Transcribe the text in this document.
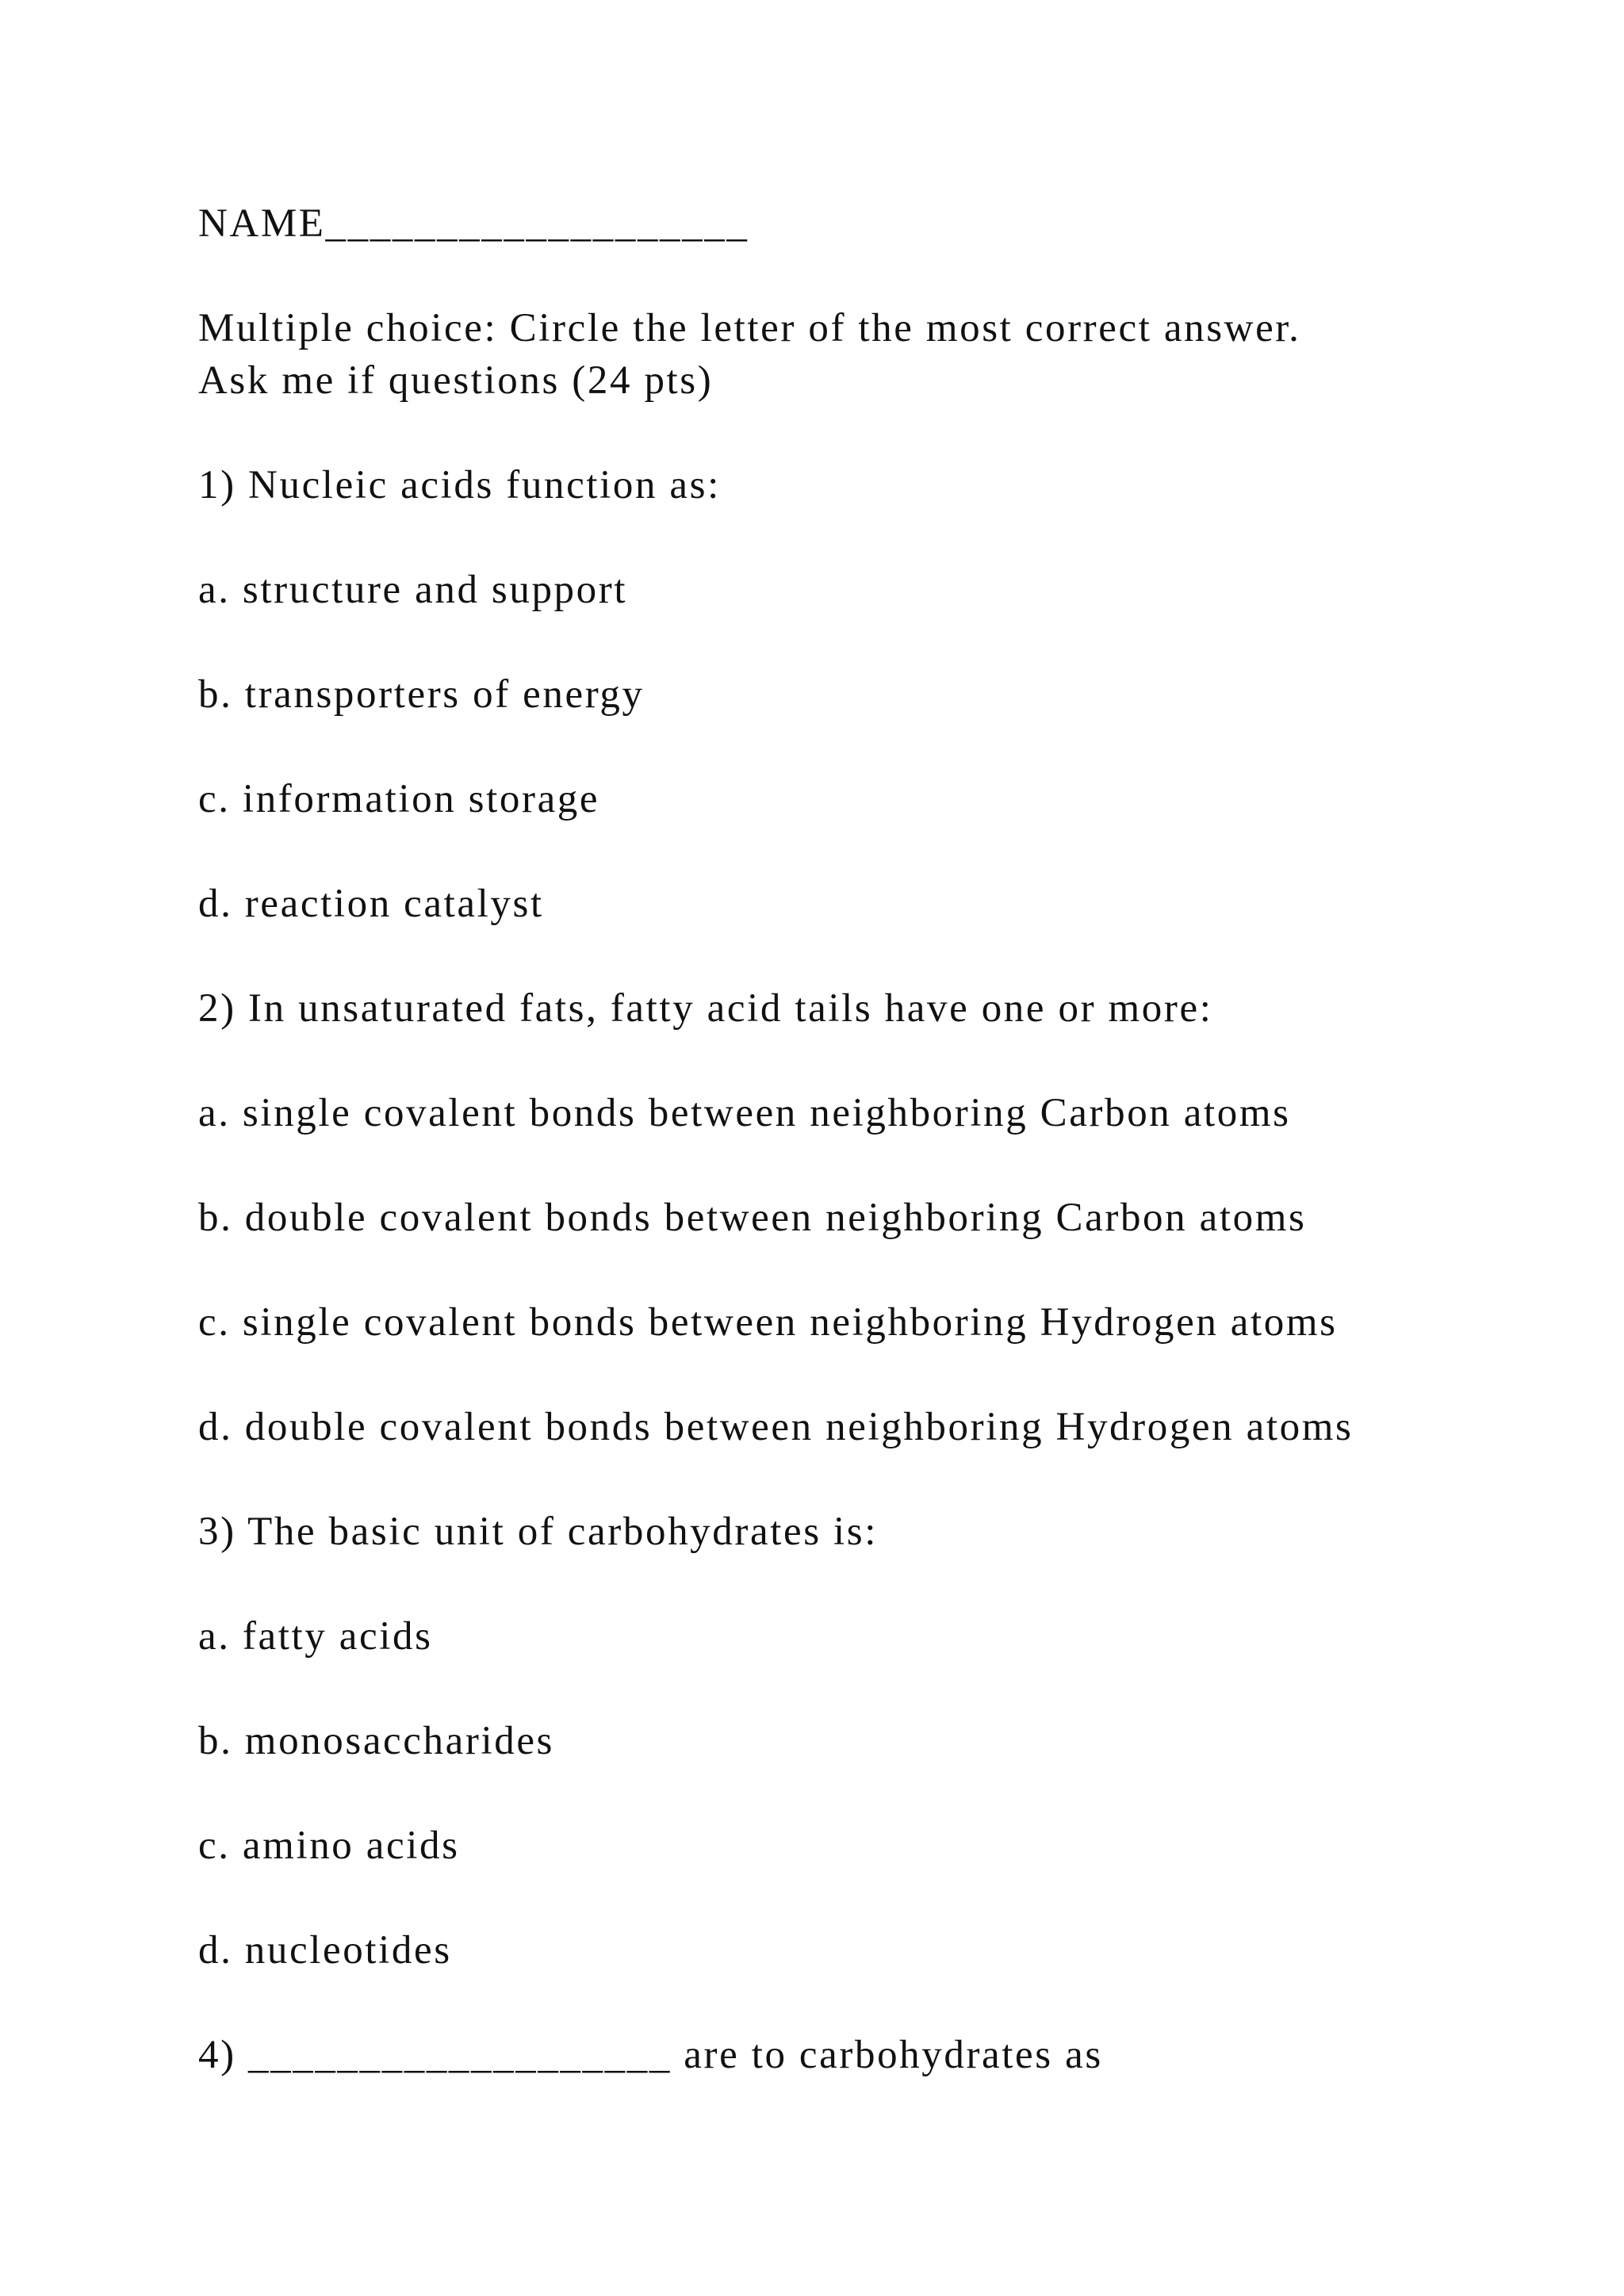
NAME___________________
Multiple choice: Circle the letter of the most correct answer.
Ask me if questions (24 pts)
1) Nucleic acids function as:
a. structure and support
b. transporters of energy
c. information storage
d. reaction catalyst
2) In unsaturated fats, fatty acid tails have one or more:
a. single covalent bonds between neighboring Carbon atoms
b. double covalent bonds between neighboring Carbon atoms
c. single covalent bonds between neighboring Hydrogen atoms
d. double covalent bonds between neighboring Hydrogen atoms
3) The basic unit of carbohydrates is:
a. fatty acids
b. monosaccharides
c. amino acids
d. nucleotides
4) ___________________ are to carbohydrates as
